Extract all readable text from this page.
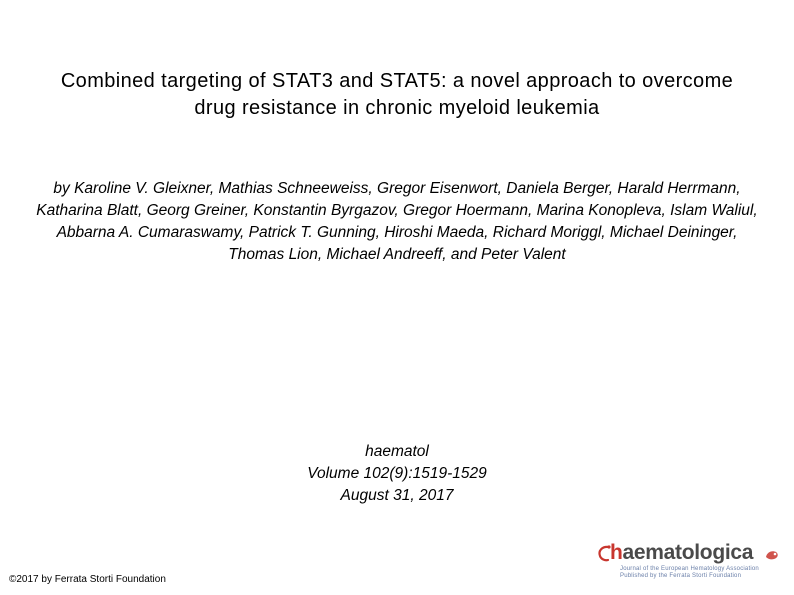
Combined targeting of STAT3 and STAT5: a novel approach to overcome drug resistance in chronic myeloid leukemia
by Karoline V. Gleixner, Mathias Schneeweiss, Gregor Eisenwort, Daniela Berger, Harald Herrmann, Katharina Blatt, Georg Greiner, Konstantin Byrgazov, Gregor Hoermann, Marina Konopleva, Islam Waliul, Abbarna A. Cumaraswamy, Patrick T. Gunning, Hiroshi Maeda, Richard Moriggl, Michael Deininger, Thomas Lion, Michael Andreeff, and Peter Valent
haematol
Volume 102(9):1519-1529
August 31, 2017
©2017 by Ferrata Storti Foundation
haematologica
Journal of the European Hematology Association
Published by the Ferrata Storti Foundation
